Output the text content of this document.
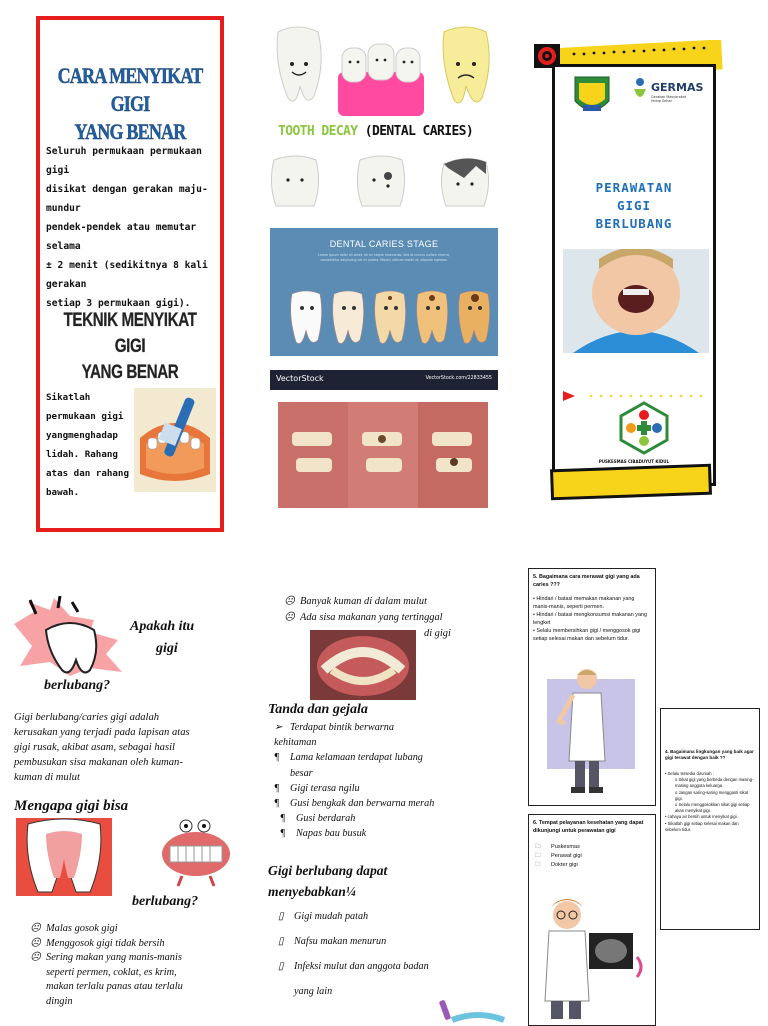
CARA MENYIKAT GIGI
YANG BENAR
Seluruh permukaan permukaan gigi
disikat dengan gerakan maju-mundur
pendek-pendek atau memutar selama
± 2 menit (sedikitnya 8 kali gerakan
setiap 3 permukaan gigi).
TEKNIK MENYIKAT GIGI
YANG BENAR
Sikatlah
permukaan gigi
yangmenghadap
lidah. Rahang
atas dan rahang
bawah.
TOOTH DECAY (DENTAL CARIES)
DENTAL CARIES STAGE
Lorem ipsum dolor sit amet, sit mi neque maecenas. Sed et cursus nullam viverra, consectetur adipiscing vel mi platea. Mauris ultrices morbi ut, aliquam egestas.
VectorStock	VectorStock.com/22833455
GERMAS
Gerakan Masyarakat Hidup Sehat
PERAWATAN
GIGI
BERLUBANG
PUSKESMAS CIBADUYUT KIDUL
Apakah itu
gigi
berlubang?
Gigi berlubang/caries gigi adalah
kerusakan yang terjadi pada lapisan atas
gigi rusak, akibat asam, sebagai hasil
pembusukan sisa makanan oleh kuman-
kuman di mulut
Mengapa gigi bisa
berlubang?
☹ Malas gosok gigi
☹ Menggosok gigi tidak bersih
☹ Sering makan yang manis-manis
seperti permen, coklat, es krim,
makan terlalu panas atau terlalu
dingin
☹ Banyak kuman di dalam mulut
☹ Ada sisa makanan yang tertinggal
di gigi
Tanda dan gejala
➢ Terdapat bintik berwarna
kehitaman
¶ Lama kelamaan terdapat lubang
besar
¶ Gigi terasa ngilu
¶ Gusi bengkak dan berwarna merah
¶ Gusi berdarah
¶ Napas bau busuk
Gigi berlubang dapat
menyebabkan¼
▯ Gigi mudah patah
▯ Nafsu makan menurun
▯ Infeksi mulut dan anggota badan
yang lain
5. Bagaimana cara merawat gigi yang ada caries ???
• Hindari / batasi memakan makanan yang manis-manis, seperti permen.
• Hindari / batasi mengkonsumsi makanan yang lengket
• Selalu membersihkan gigi / menggosok gigi setiap selesai makan dan sebelum tidur.
6. Tempat pelayanan kesehatan yang dapat dikunjungi untuk perawatan gigi
🗀 Puskesmas
🗀 Perawat gigi
🗀 Dokter gigi
4. Bagaimana lingkungan yang baik agar gigi terawat dengan baik ??
• Selalu tersedia dirumah :
o Sikat gigi yang berbeda dengan masing-masing anggota keluarga.
o Jangan saring-saring mengganti sikat gigi.
o Selalu menggosokkan sikat gigi setiap akan menyikat gigi.
• cahaya air bersih untuk menyikat gigi.
• Sikatlah gigi setiap selesai makan dan sebelum tidur.
